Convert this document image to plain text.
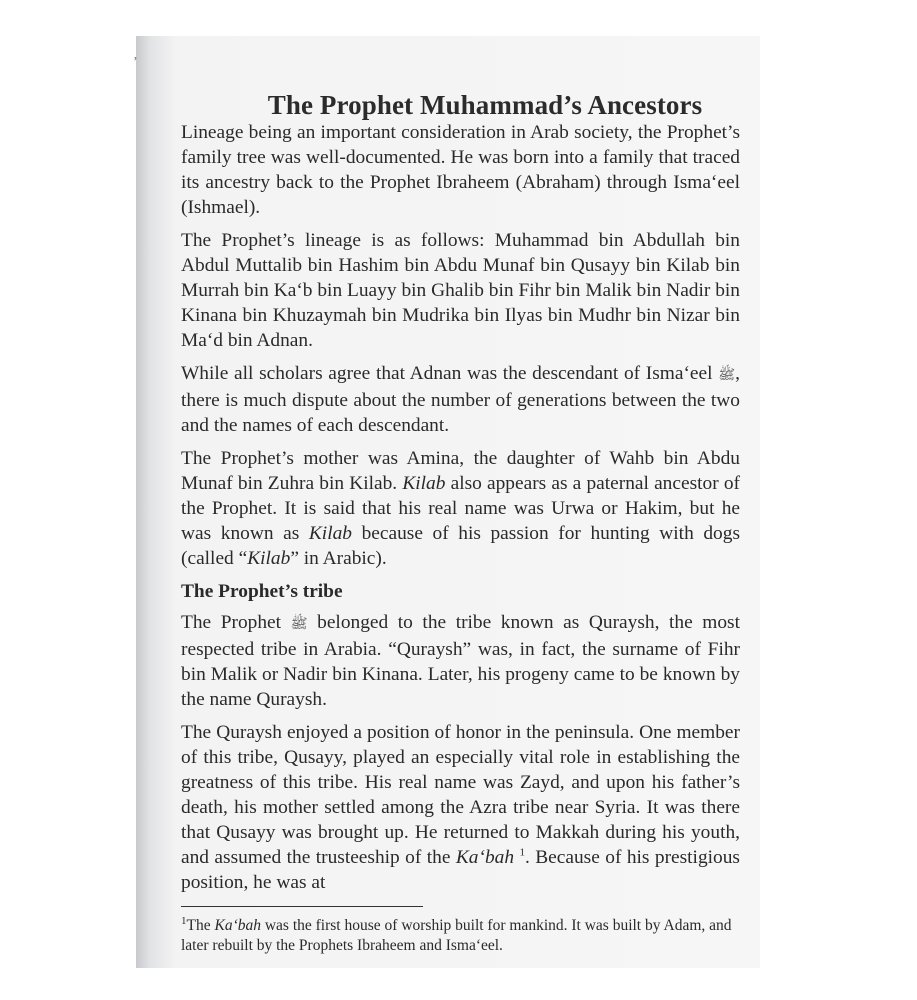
ʼ
The Prophet Muhammad’s Ancestors

Lineage being an important consideration in Arab society, the Prophet’s family tree was well-documented. He was born into a family that traced its ancestry back to the Prophet Ibraheem (Abraham) through Isma‘eel (Ishmael).

The Prophet’s lineage is as follows: Muhammad bin Abdullah bin Abdul Muttalib bin Hashim bin Abdu Munaf bin Qusayy bin Kilab bin Murrah bin Ka‘b bin Luayy bin Ghalib bin Fihr bin Malik bin Nadir bin Kinana bin Khuzaymah bin Mudrika bin Ilyas bin Mudhr bin Nizar bin Ma‘d bin Adnan.

While all scholars agree that Adnan was the descendant of Isma‘eel ﷺ, there is much dispute about the number of generations between the two and the names of each descendant.

The Prophet’s mother was Amina, the daughter of Wahb bin Abdu Munaf bin Zuhra bin Kilab. Kilab also appears as a paternal ancestor of the Prophet. It is said that his real name was Urwa or Hakim, but he was known as Kilab because of his passion for hunting with dogs (called “Kilab” in Arabic).

The Prophet’s tribe

The Prophet ﷺ belonged to the tribe known as Quraysh, the most respected tribe in Arabia. “Quraysh” was, in fact, the surname of Fihr bin Malik or Nadir bin Kinana. Later, his progeny came to be known by the name Quraysh.

The Quraysh enjoyed a position of honor in the peninsula. One member of this tribe, Qusayy, played an especially vital role in establishing the greatness of this tribe. His real name was Zayd, and upon his father’s death, his mother settled among the Azra tribe near Syria. It was there that Qusayy was brought up. He returned to Makkah during his youth, and assumed the trusteeship of the Ka‘bah $^1$. Because of his prestigious position, he was at

$^1$The Ka‘bah was the first house of worship built for mankind. It was built by Adam, and later rebuilt by the Prophets Ibraheem and Isma‘eel.
